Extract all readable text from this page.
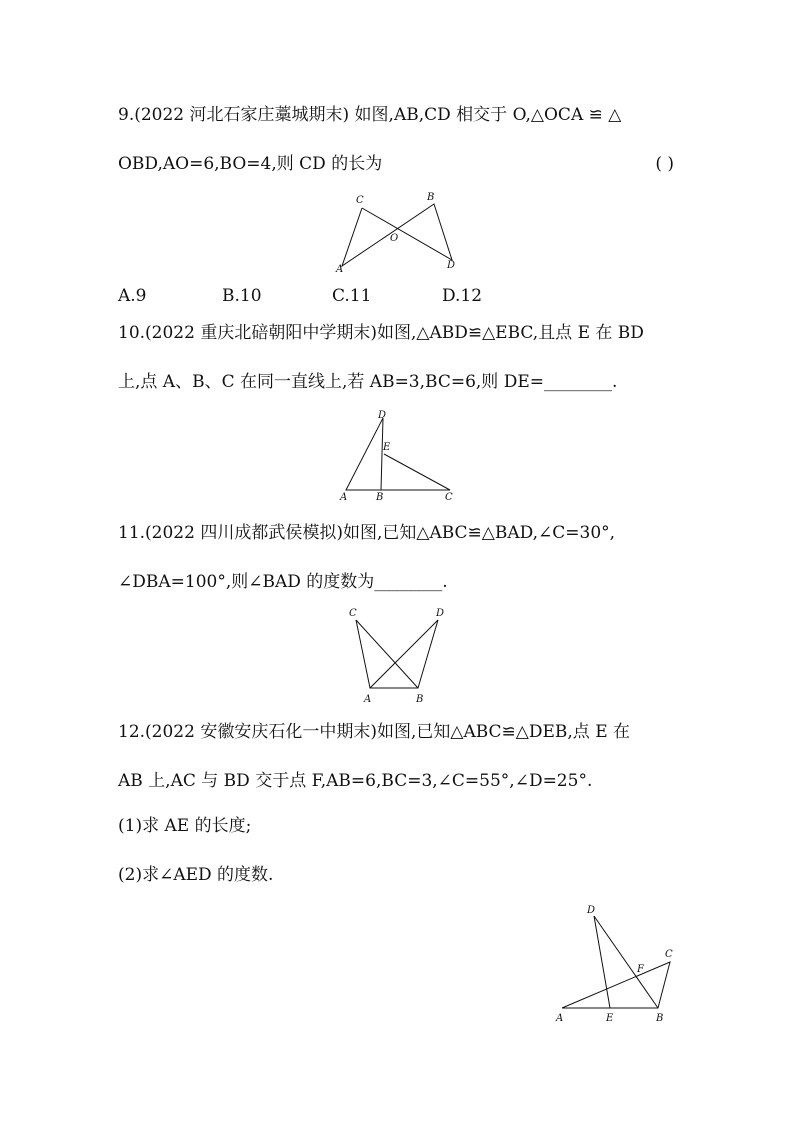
9.(2022 河北石家庄藁城期末) 如图,AB,CD 相交于 O,△OCA ≌ △
OBD,AO=6,BO=4,则 CD 的长为	( )
C	B
O
A	D
A.9	B.10	C.11	D.12
10.(2022 重庆北碚朝阳中学期末)如图,△ABD≌△EBC,且点 E 在 BD
上,点 A、B、C 在同一直线上,若 AB=3,BC=6,则 DE=________.
D
E
A	B	C
11.(2022 四川成都武侯模拟)如图,已知△ABC≌△BAD,∠C=30°,
∠DBA=100°,则∠BAD 的度数为________.
C	D
A	B
12.(2022 安徽安庆石化一中期末)如图,已知△ABC≌△DEB,点 E 在
AB 上,AC 与 BD 交于点 F,AB=6,BC=3,∠C=55°,∠D=25°.
(1)求 AE 的长度;
(2)求∠AED 的度数.
D
C
F
A	E	B
